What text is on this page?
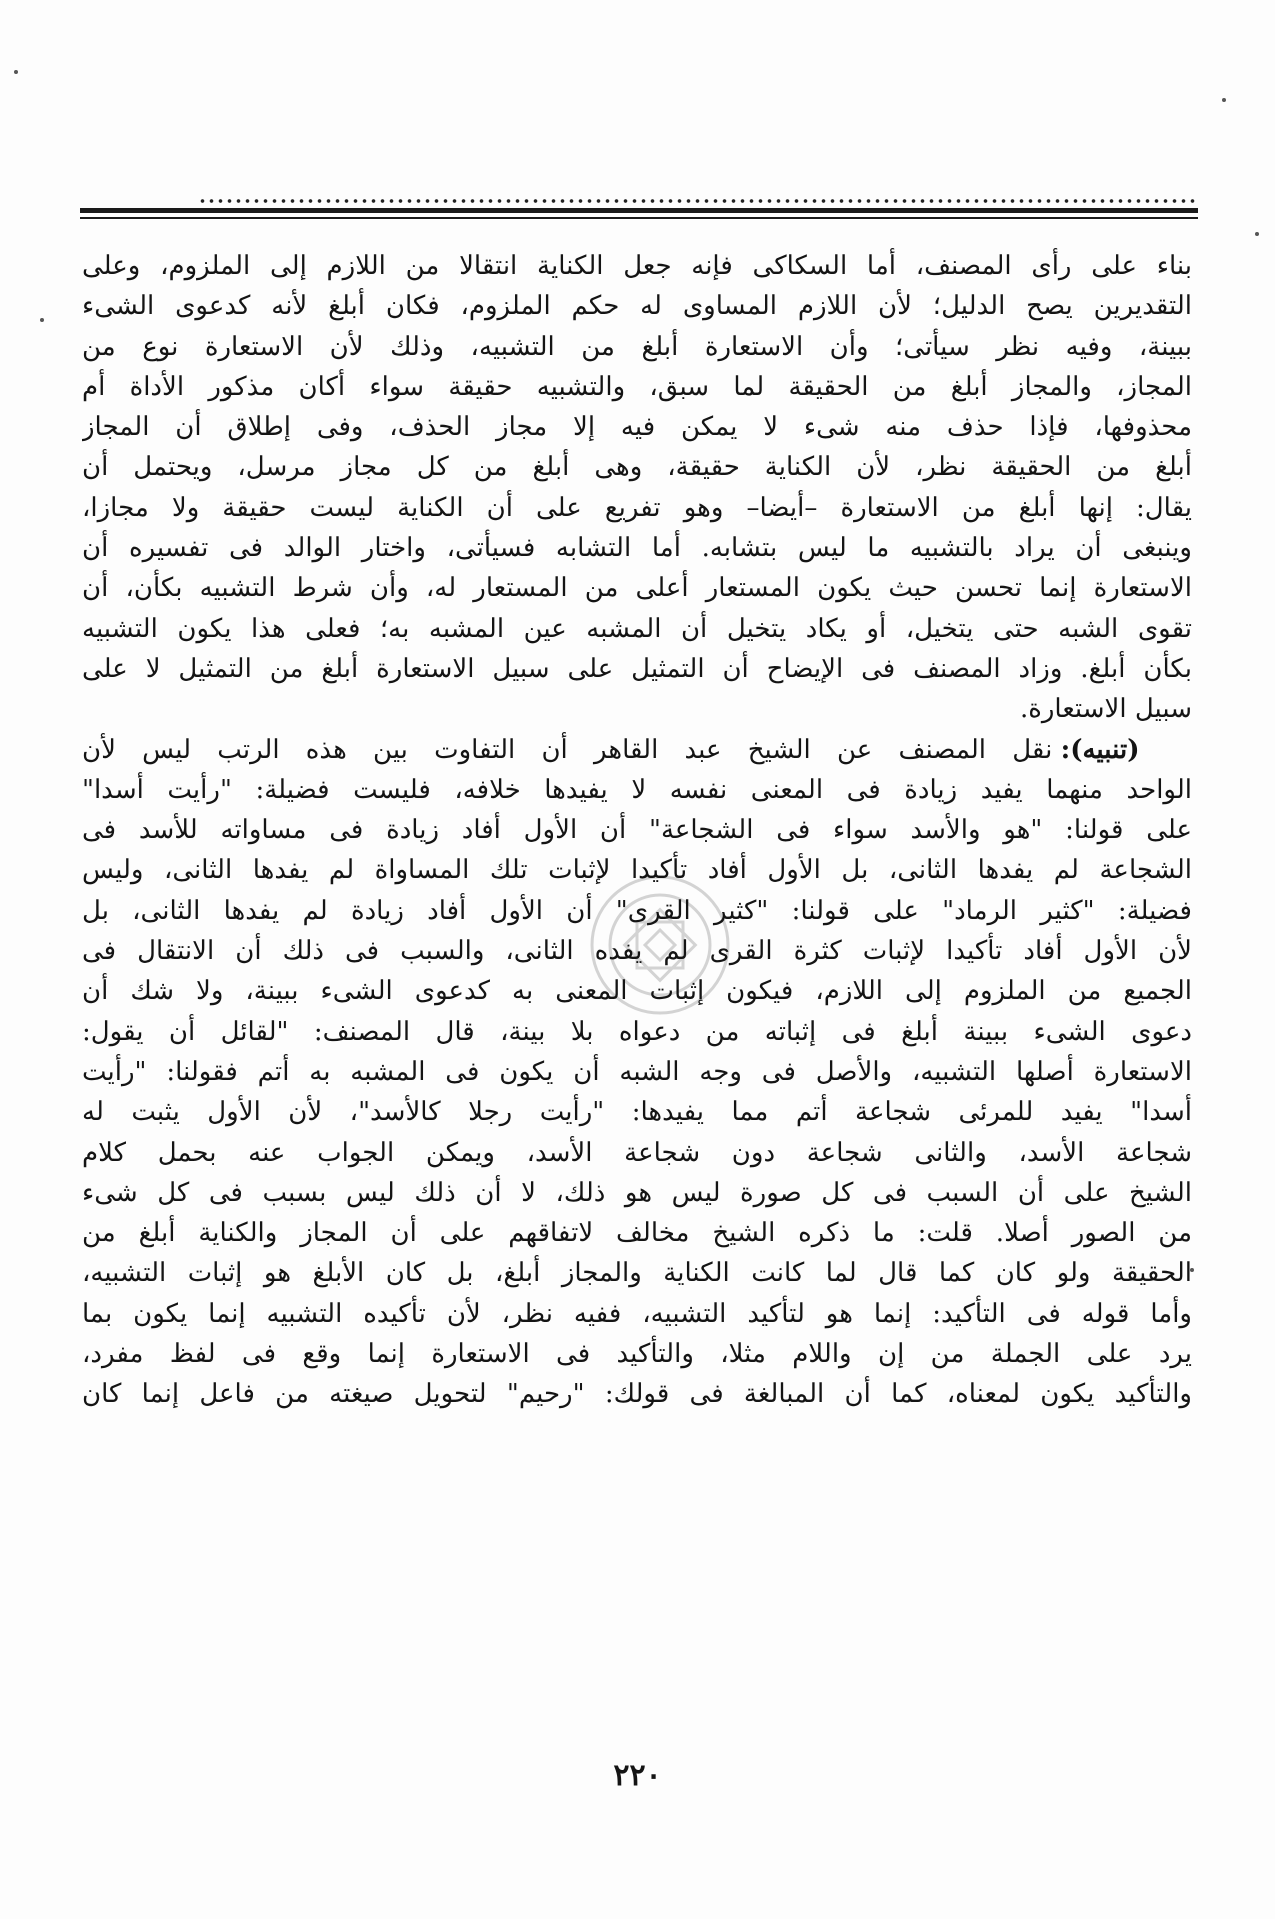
بناء على رأى المصنف، أما السكاكى فإنه جعل الكناية انتقالا من اللازم إلى الملزوم، وعلى
التقديرين يصح الدليل؛ لأن اللازم المساوى له حكم الملزوم، فكان أبلغ لأنه كدعوى الشىء
ببينة، وفيه نظر سيأتى؛ وأن الاستعارة أبلغ من التشبيه، وذلك لأن الاستعارة نوع من
المجاز، والمجاز أبلغ من الحقيقة لما سبق، والتشبيه حقيقة سواء أكان مذكور الأداة أم
محذوفها، فإذا حذف منه شىء لا يمكن فيه إلا مجاز الحذف، وفى إطلاق أن المجاز
أبلغ من الحقيقة نظر، لأن الكناية حقيقة، وهى أبلغ من كل مجاز مرسل، ويحتمل أن
يقال: إنها أبلغ من الاستعارة –أيضا– وهو تفريع على أن الكناية ليست حقيقة ولا مجازا،
وينبغى أن يراد بالتشبيه ما ليس بتشابه. أما التشابه فسيأتى، واختار الوالد فى تفسيره أن
الاستعارة إنما تحسن حيث يكون المستعار أعلى من المستعار له، وأن شرط التشبيه بكأن، أن
تقوى الشبه حتى يتخيل، أو يكاد يتخيل أن المشبه عين المشبه به؛ فعلى هذا يكون التشبيه
بكأن أبلغ. وزاد المصنف فى الإيضاح أن التمثيل على سبيل الاستعارة أبلغ من التمثيل لا على
سبيل الاستعارة.
(تنبيه): نقل المصنف عن الشيخ عبد القاهر أن التفاوت بين هذه الرتب ليس لأن
الواحد منهما يفيد زيادة فى المعنى نفسه لا يفيدها خلافه، فليست فضيلة: "رأيت أسدا"
على قولنا: "هو والأسد سواء فى الشجاعة" أن الأول أفاد زيادة فى مساواته للأسد فى
الشجاعة لم يفدها الثانى، بل الأول أفاد تأكيدا لإثبات تلك المساواة لم يفدها الثانى، وليس
فضيلة: "كثير الرماد" على قولنا: "كثير القرى" أن الأول أفاد زيادة لم يفدها الثانى، بل
لأن الأول أفاد تأكيدا لإثبات كثرة القرى لم يفده الثانى، والسبب فى ذلك أن الانتقال فى
الجميع من الملزوم إلى اللازم، فيكون إثبات المعنى به كدعوى الشىء ببينة، ولا شك أن
دعوى الشىء ببينة أبلغ فى إثباته من دعواه بلا بينة، قال المصنف: "لقائل أن يقول:
الاستعارة أصلها التشبيه، والأصل فى وجه الشبه أن يكون فى المشبه به أتم فقولنا: "رأيت
أسدا" يفيد للمرئى شجاعة أتم مما يفيدها: "رأيت رجلا كالأسد"، لأن الأول يثبت له
شجاعة الأسد، والثانى شجاعة دون شجاعة الأسد، ويمكن الجواب عنه بحمل كلام
الشيخ على أن السبب فى كل صورة ليس هو ذلك، لا أن ذلك ليس بسبب فى كل شىء
من الصور أصلا. قلت: ما ذكره الشيخ مخالف لاتفاقهم على أن المجاز والكناية أبلغ من
الحقيقة ولو كان كما قال لما كانت الكناية والمجاز أبلغ، بل كان الأبلغ هو إثبات التشبيه،
وأما قوله فى التأكيد: إنما هو لتأكيد التشبيه، ففيه نظر، لأن تأكيده التشبيه إنما يكون بما
يرد على الجملة من إن واللام مثلا، والتأكيد فى الاستعارة إنما وقع فى لفظ مفرد،
والتأكيد يكون لمعناه، كما أن المبالغة فى قولك: "رحيم" لتحويل صيغته من فاعل إنما كان
٢٢٠
